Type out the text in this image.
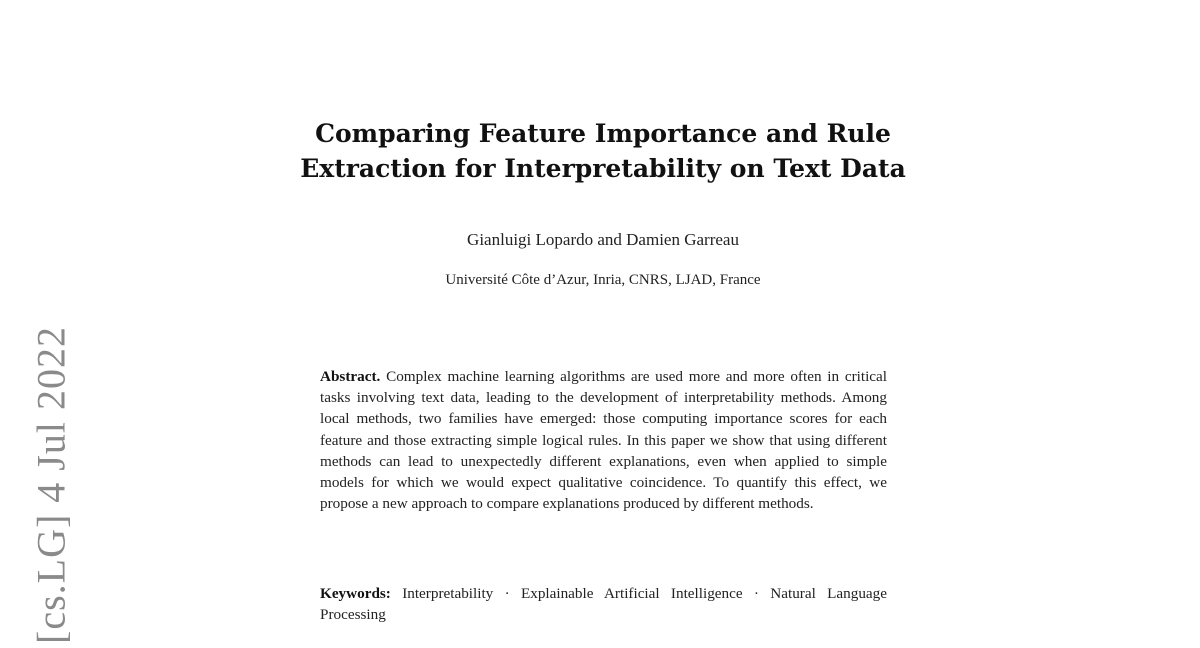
[cs.LG] 4 Jul 2022
Comparing Feature Importance and Rule
Extraction for Interpretability on Text Data
Gianluigi Lopardo and Damien Garreau
Université Côte d’Azur, Inria, CNRS, LJAD, France

Abstract. Complex machine learning algorithms are used more and more often in critical tasks involving text data, leading to the development of interpretability methods. Among local methods, two families have emerged: those computing importance scores for each feature and those extracting simple logical rules. In this paper we show that using different methods can lead to unexpectedly different explanations, even when applied to simple models for which we would expect qualitative coincidence. To quantify this effect, we propose a new approach to compare explanations produced by different methods.

Keywords: Interpretability · Explainable Artificial Intelligence · Natural Language Processing
